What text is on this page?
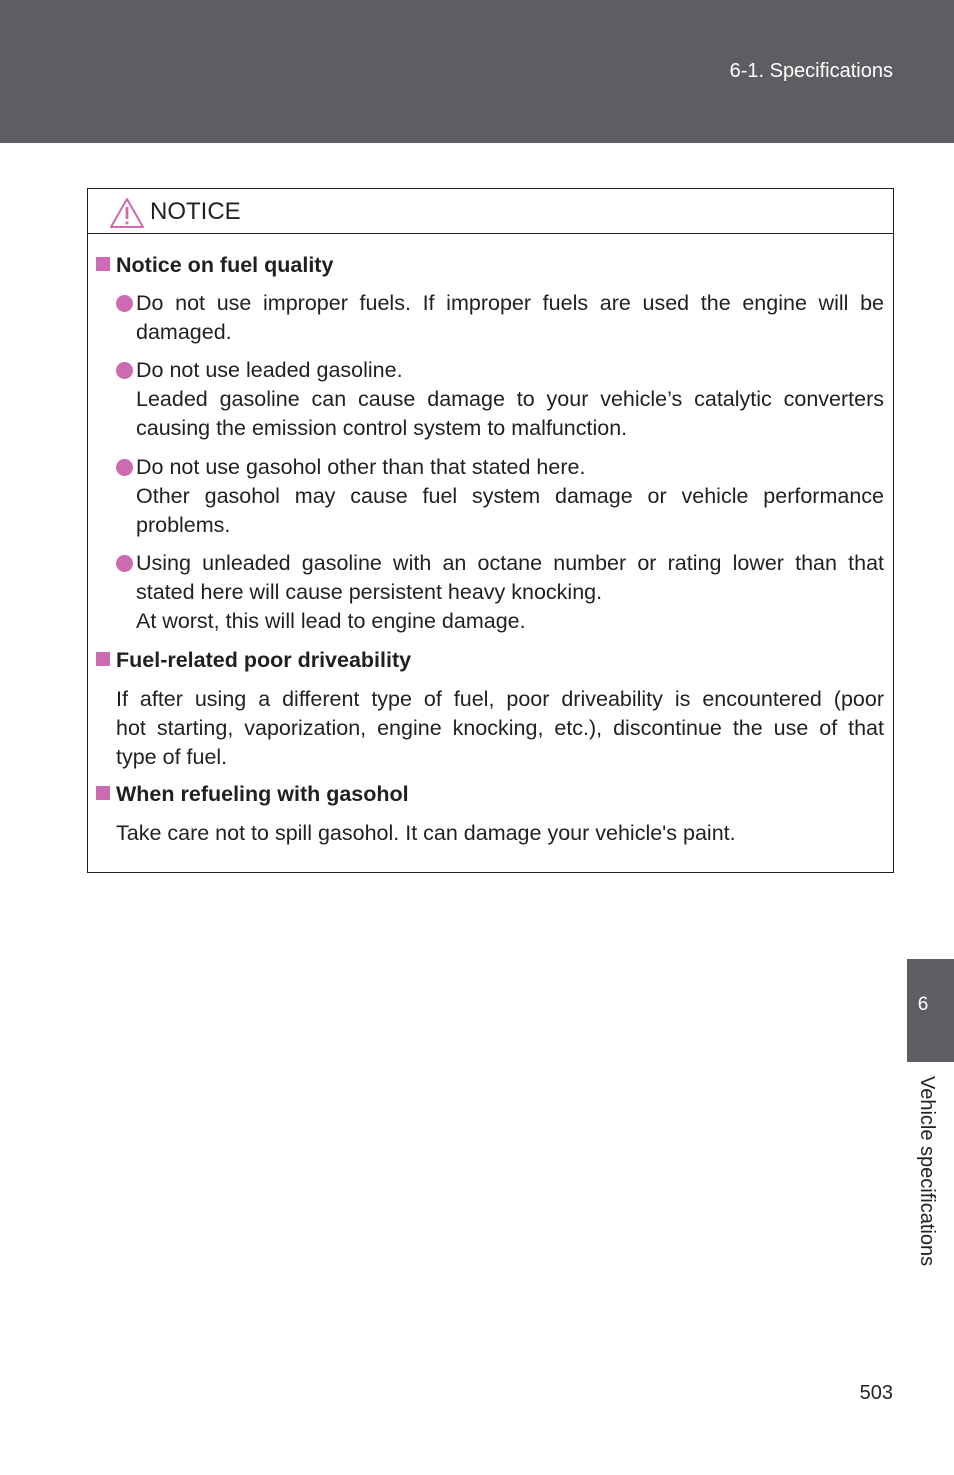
6-1. Specifications
NOTICE
Notice on fuel quality
Do not use improper fuels. If improper fuels are used the engine will be
damaged.
Do not use leaded gasoline.
Leaded gasoline can cause damage to your vehicle’s catalytic converters
causing the emission control system to malfunction.
Do not use gasohol other than that stated here.
Other gasohol may cause fuel system damage or vehicle performance
problems.
Using unleaded gasoline with an octane number or rating lower than that
stated here will cause persistent heavy knocking.
At worst, this will lead to engine damage.
Fuel-related poor driveability
If after using a different type of fuel, poor driveability is encountered (poor
hot starting, vaporization, engine knocking, etc.), discontinue the use of that
type of fuel.
When refueling with gasohol
Take care not to spill gasohol. It can damage your vehicle's paint.
6
Vehicle specifications
503
